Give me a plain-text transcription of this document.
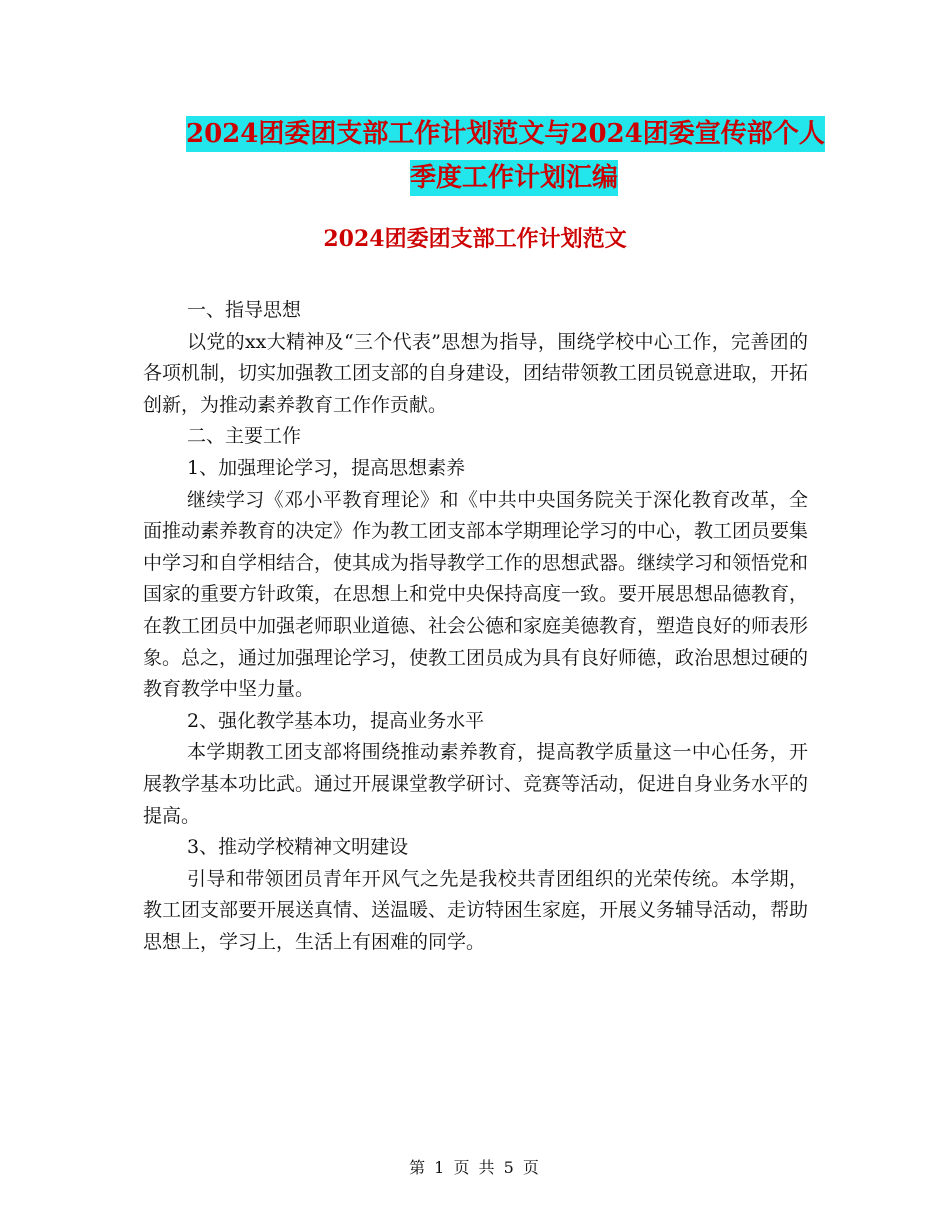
2024团委团支部工作计划范文与2024团委宣传部个人
季度工作计划汇编
2024团委团支部工作计划范文

一、指导思想

以党的xx大精神及“三个代表”思想为指导，围绕学校中心工作，完善团的各项机制，切实加强教工团支部的自身建设，团结带领教工团员锐意进取，开拓创新，为推动素养教育工作作贡献。

二、主要工作

1、加强理论学习，提高思想素养

继续学习《邓小平教育理论》和《中共中央国务院关于深化教育改革，全面推动素养教育的决定》作为教工团支部本学期理论学习的中心，教工团员要集中学习和自学相结合，使其成为指导教学工作的思想武器。继续学习和领悟党和国家的重要方针政策，在思想上和党中央保持高度一致。要开展思想品德教育，在教工团员中加强老师职业道德、社会公德和家庭美德教育，塑造良好的师表形象。总之，通过加强理论学习，使教工团员成为具有良好师德，政治思想过硬的教育教学中坚力量。

2、强化教学基本功，提高业务水平

本学期教工团支部将围绕推动素养教育，提高教学质量这一中心任务，开展教学基本功比武。通过开展课堂教学研讨、竞赛等活动，促进自身业务水平的提高。

3、推动学校精神文明建设

引导和带领团员青年开风气之先是我校共青团组织的光荣传统。本学期，教工团支部要开展送真情、送温暖、走访特困生家庭，开展义务辅导活动，帮助思想上，学习上，生活上有困难的同学。

第 1 页 共 5 页
